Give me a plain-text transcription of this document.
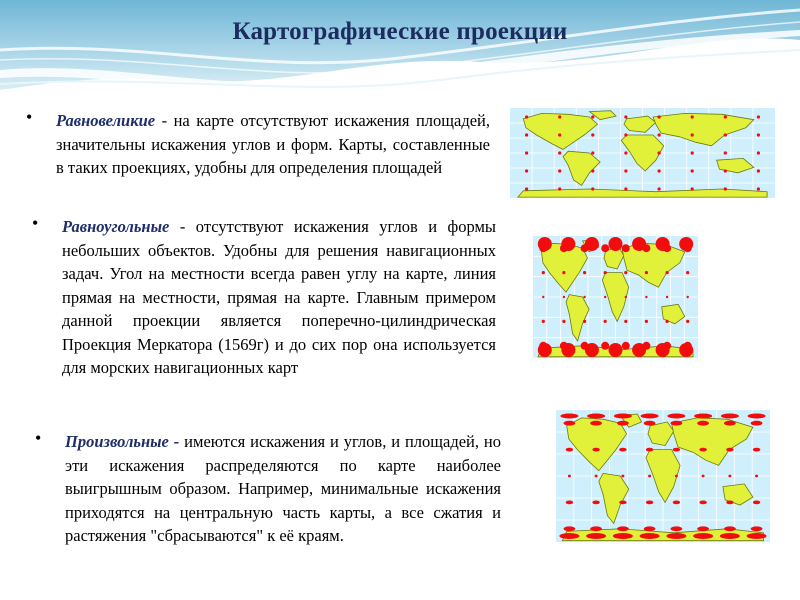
Картографические проекции
• Равновеликие - на карте отсутствуют искажения площадей, значительны искажения углов и форм. Карты, составленные в таких проекциях, удобны для определения площадей
• Равноугольные - отсутствуют искажения углов и формы небольших объектов. Удобны для решения навигационных задач. Угол на местности всегда равен углу на карте, линия прямая на местности, прямая на карте. Главным примером данной проекции является поперечно-цилиндрическая Проекция Меркатора (1569г) и до сих пор она используется для морских навигационных карт
• Произвольные - имеются искажения и углов, и площадей, но эти искажения распределяются по карте наиболее выигрышным образом. Например, минимальные искажения приходятся на центральную часть карты, а все сжатия и растяжения "сбрасываются" к её краям.
